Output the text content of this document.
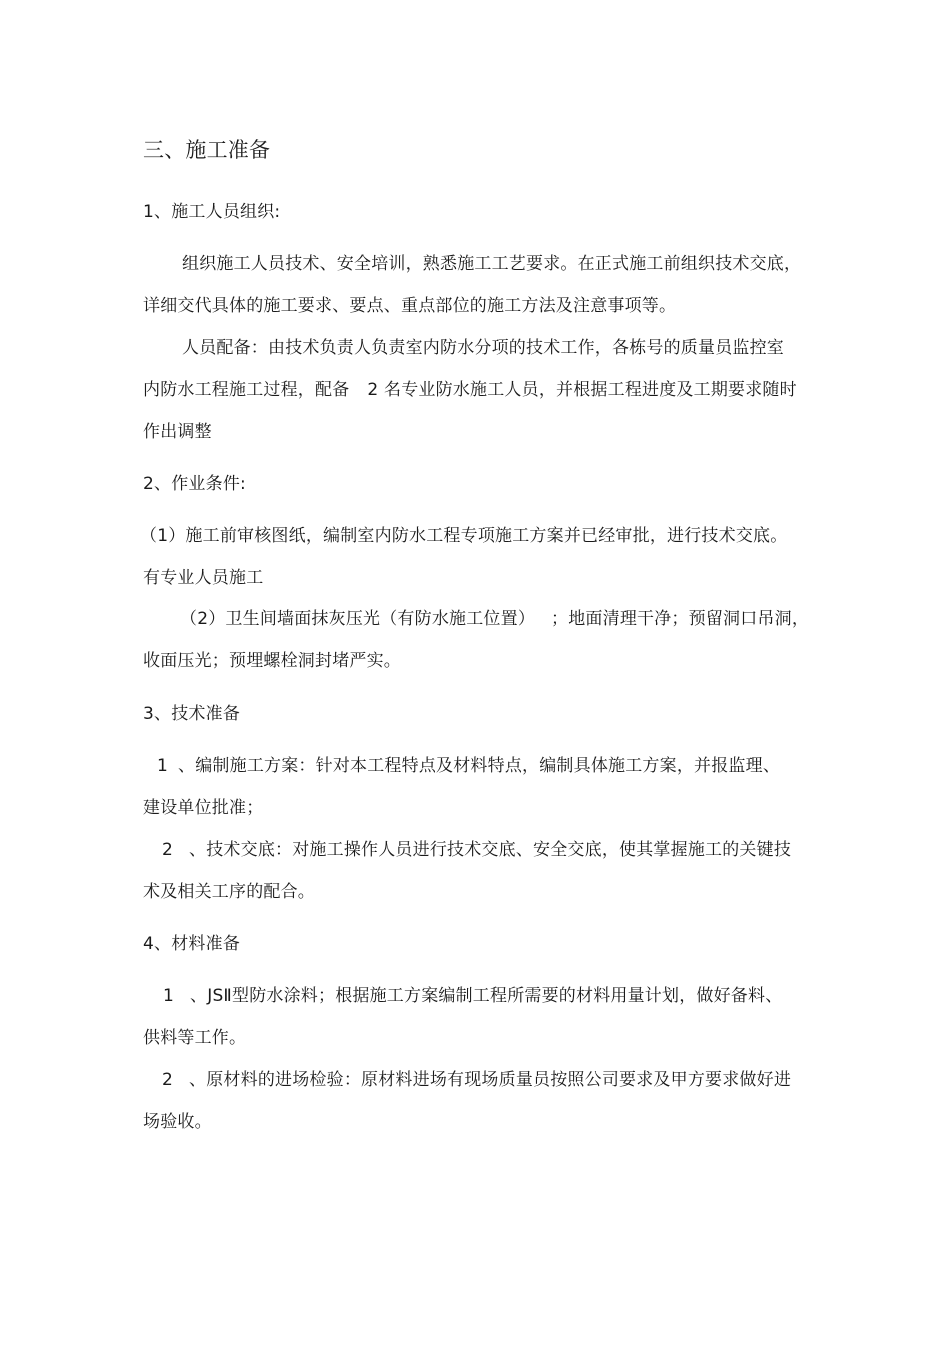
三、施工准备
1、施工人员组织:
组织施工人员技术、安全培训，熟悉施工工艺要求。在正式施工前组织技术交底，
详细交代具体的施工要求、要点、重点部位的施工方法及注意事项等。
人员配备：由技术负责人负责室内防水分项的技术工作，各栋号的质量员监控室
内防水工程施工过程，配备 2 名专业防水施工人员，并根据工程进度及工期要求随时
作出调整
2、作业条件:
（1）施工前审核图纸，编制室内防水工程专项施工方案并已经审批，进行技术交底。
有专业人员施工
（2）卫生间墙面抹灰压光（有防水施工位置） ；地面清理干净；预留洞口吊洞，
收面压光；预埋螺栓洞封堵严实。
3、技术准备
1 、编制施工方案：针对本工程特点及材料特点，编制具体施工方案，并报监理、
建设单位批准；
2 、技术交底：对施工操作人员进行技术交底、安全交底，使其掌握施工的关键技
术及相关工序的配合。
4、材料准备
1 、JSⅡ型防水涂料；根据施工方案编制工程所需要的材料用量计划，做好备料、
供料等工作。
2 、原材料的进场检验：原材料进场有现场质量员按照公司要求及甲方要求做好进
场验收。
